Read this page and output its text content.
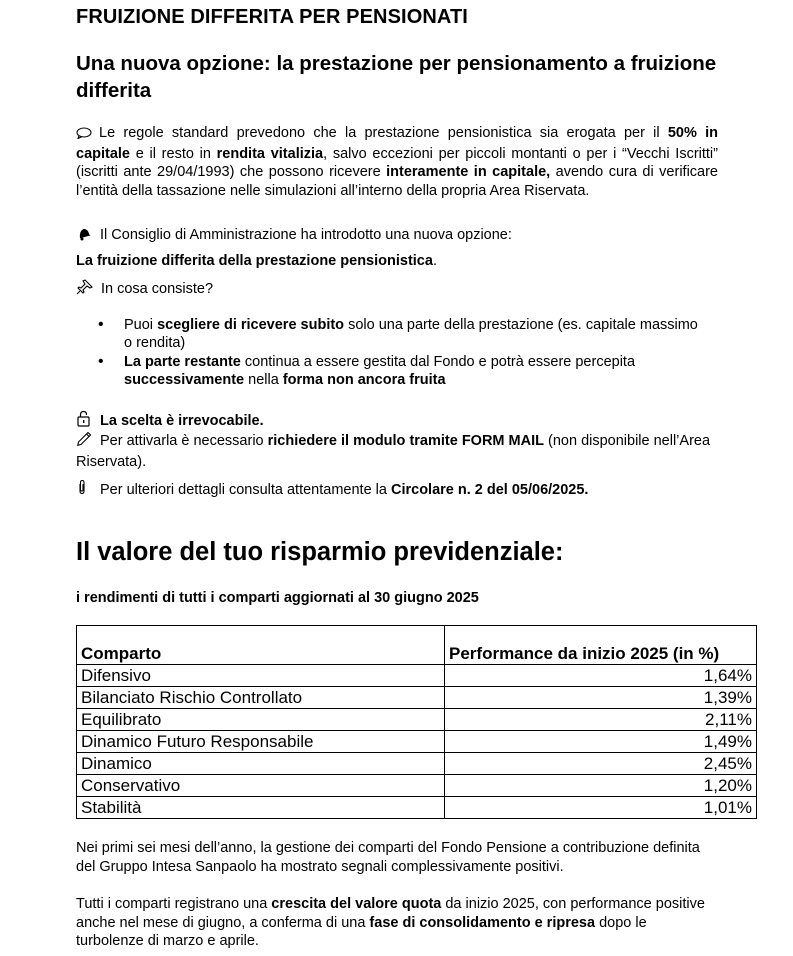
FRUIZIONE DIFFERITA PER PENSIONATI
Una nuova opzione: la prestazione per pensionamento a fruizione differita
Le regole standard prevedono che la prestazione pensionistica sia erogata per il 50% in capitale e il resto in rendita vitalizia, salvo eccezioni per piccoli montanti o per i “Vecchi Iscritti” (iscritti ante 29/04/1993) che possono ricevere interamente in capitale, avendo cura di verificare l’entità della tassazione nelle simulazioni all’interno della propria Area Riservata.
Il Consiglio di Amministrazione ha introdotto una nuova opzione:
La fruizione differita della prestazione pensionistica.
In cosa consiste?
• Puoi scegliere di ricevere subito solo una parte della prestazione (es. capitale massimo o rendita)
• La parte restante continua a essere gestita dal Fondo e potrà essere percepita successivamente nella forma non ancora fruita
La scelta è irrevocabile.
Per attivarla è necessario richiedere il modulo tramite FORM MAIL (non disponibile nell’Area Riservata).
Per ulteriori dettagli consulta attentamente la Circolare n. 2 del 05/06/2025.
Il valore del tuo risparmio previdenziale:
i rendimenti di tutti i comparti aggiornati al 30 giugno 2025
Comparto	Performance da inizio 2025 (in %)
Difensivo	1,64%
Bilanciato Rischio Controllato	1,39%
Equilibrato	2,11%
Dinamico Futuro Responsabile	1,49%
Dinamico	2,45%
Conservativo	1,20%
Stabilità	1,01%
Nei primi sei mesi dell’anno, la gestione dei comparti del Fondo Pensione a contribuzione definita del Gruppo Intesa Sanpaolo ha mostrato segnali complessivamente positivi.
Tutti i comparti registrano una crescita del valore quota da inizio 2025, con performance positive anche nel mese di giugno, a conferma di una fase di consolidamento e ripresa dopo le turbolenze di marzo e aprile.
